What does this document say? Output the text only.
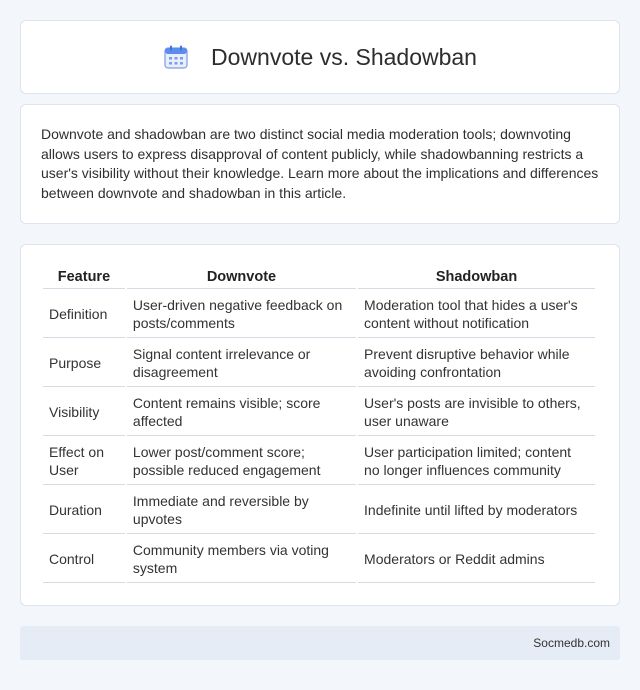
Downvote vs. Shadowban

Downvote and shadowban are two distinct social media moderation tools; downvoting allows users to express disapproval of content publicly, while shadowbanning restricts a user's visibility without their knowledge. Learn more about the implications and differences between downvote and shadowban in this article.

Feature	Downvote	Shadowban
Definition	User-driven negative feedback on posts/comments	Moderation tool that hides a user's content without notification
Purpose	Signal content irrelevance or disagreement	Prevent disruptive behavior while avoiding confrontation
Visibility	Content remains visible; score affected	User's posts are invisible to others, user unaware
Effect on User	Lower post/comment score; possible reduced engagement	User participation limited; content no longer influences community
Duration	Immediate and reversible by upvotes	Indefinite until lifted by moderators
Control	Community members via voting system	Moderators or Reddit admins
Socmedb.com
